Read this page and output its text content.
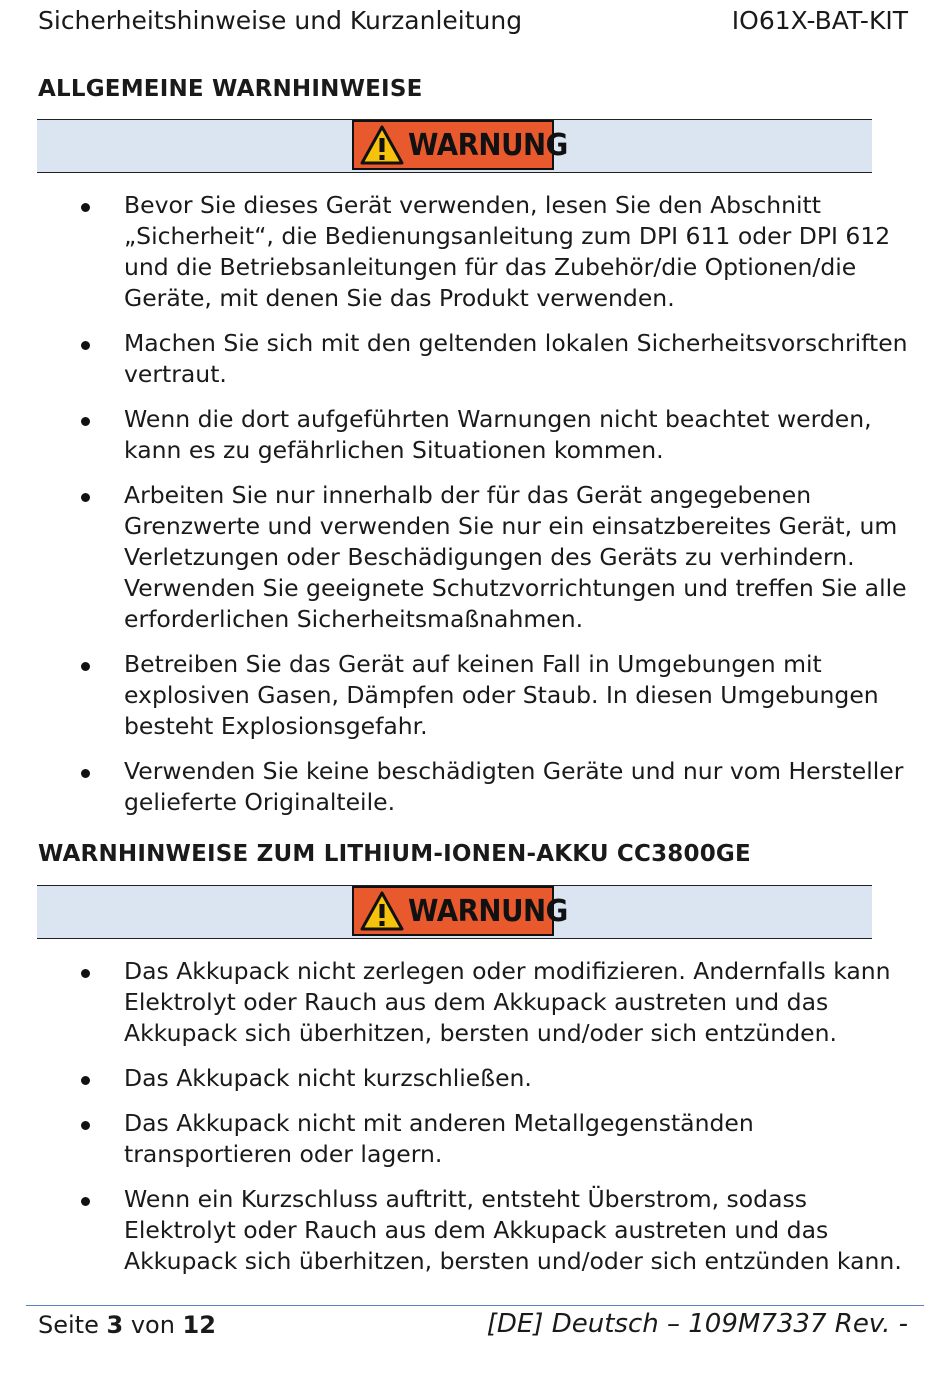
Sicherheitshinweise und Kurzanleitung	IO61X-BAT-KIT
ALLGEMEINE WARNHINWEISE
WARNUNG
Bevor Sie dieses Gerät verwenden, lesen Sie den Abschnitt „Sicherheit“, die Bedienungsanleitung zum DPI 611 oder DPI 612 und die Betriebsanleitungen für das Zubehör/die Optionen/die Geräte, mit denen Sie das Produkt verwenden.
Machen Sie sich mit den geltenden lokalen Sicherheitsvorschriften vertraut.
Wenn die dort aufgeführten Warnungen nicht beachtet werden, kann es zu gefährlichen Situationen kommen.
Arbeiten Sie nur innerhalb der für das Gerät angegebenen Grenzwerte und verwenden Sie nur ein einsatzbereites Gerät, um Verletzungen oder Beschädigungen des Geräts zu verhindern. Verwenden Sie geeignete Schutzvorrichtungen und treffen Sie alle erforderlichen Sicherheitsmaßnahmen.
Betreiben Sie das Gerät auf keinen Fall in Umgebungen mit explosiven Gasen, Dämpfen oder Staub. In diesen Umgebungen besteht Explosionsgefahr.
Verwenden Sie keine beschädigten Geräte und nur vom Hersteller gelieferte Originalteile.
WARNHINWEISE ZUM LITHIUM-IONEN-AKKU CC3800GE
WARNUNG
Das Akkupack nicht zerlegen oder modifizieren. Andernfalls kann Elektrolyt oder Rauch aus dem Akkupack austreten und das Akkupack sich überhitzen, bersten und/oder sich entzünden.
Das Akkupack nicht kurzschließen.
Das Akkupack nicht mit anderen Metallgegenständen transportieren oder lagern.
Wenn ein Kurzschluss auftritt, entsteht Überstrom, sodass Elektrolyt oder Rauch aus dem Akkupack austreten und das Akkupack sich überhitzen, bersten und/oder sich entzünden kann.
Seite 3 von 12	[DE] Deutsch – 109M7337 Rev. -
